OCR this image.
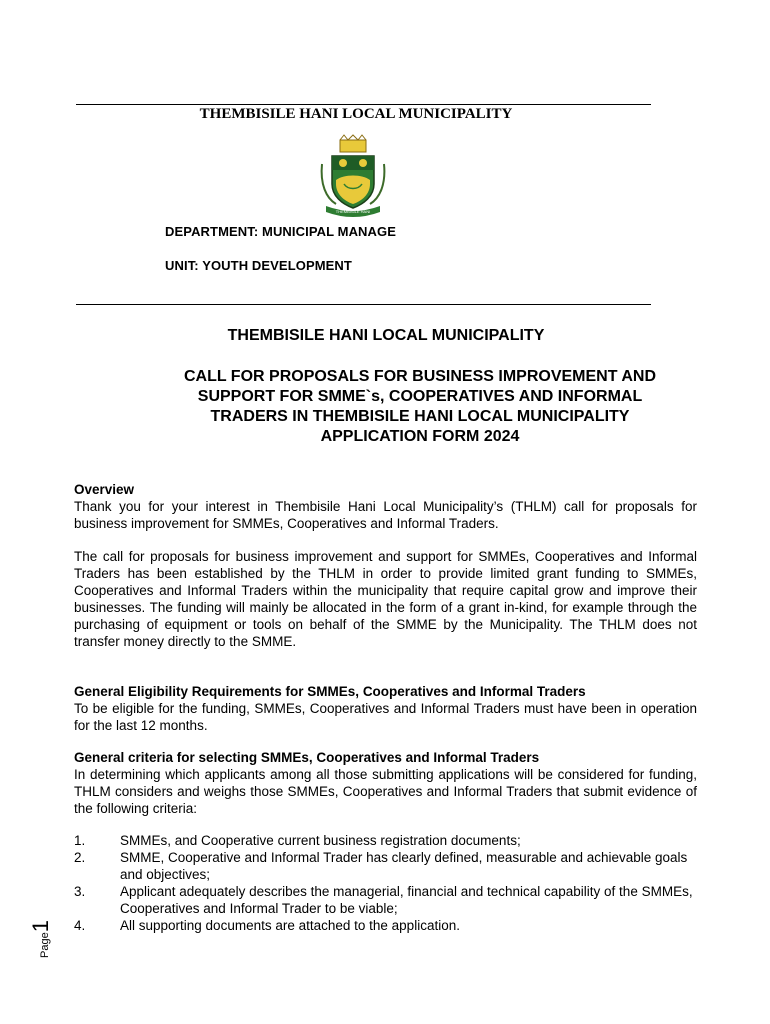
THEMBISILE HANI LOCAL MUNICIPALITY
THEMBISILE HANI
DEPARTMENT: MUNICIPAL MANAGE
UNIT: YOUTH DEVELOPMENT
THEMBISILE HANI LOCAL MUNICIPALITY
CALL FOR PROPOSALS FOR BUSINESS IMPROVEMENT AND
SUPPORT FOR SMME`s, COOPERATIVES AND INFORMAL
TRADERS IN THEMBISILE HANI LOCAL MUNICIPALITY
APPLICATION FORM 2024

Overview

Thank you for your interest in Thembisile Hani Local Municipality’s (THLM) call for proposals for business improvement for SMMEs, Cooperatives and Informal Traders.

The call for proposals for business improvement and support for SMMEs, Cooperatives and Informal Traders has been established by the THLM in order to provide limited grant funding to SMMEs, Cooperatives and Informal Traders within the municipality that require capital grow and improve their businesses. The funding will mainly be allocated in the form of a grant in-kind, for example through the purchasing of equipment or tools on behalf of the SMME by the Municipality. The THLM does not transfer money directly to the SMME.

General Eligibility Requirements for SMMEs, Cooperatives and Informal Traders

To be eligible for the funding, SMMEs, Cooperatives and Informal Traders must have been in operation for the last 12 months.

General criteria for selecting SMMEs, Cooperatives and Informal Traders

In determining which applicants among all those submitting applications will be considered for funding, THLM considers and weighs those SMMEs, Cooperatives and Informal Traders that submit evidence of the following criteria:

1.	SMMEs, and Cooperative current business registration documents;
2.	SMME, Cooperative and Informal Trader has clearly defined, measurable and achievable goals and objectives;
3.	Applicant adequately describes the managerial, financial and technical capability of the SMMEs, Cooperatives and Informal Trader to be viable;
4.	All supporting documents are attached to the application.
Page1
